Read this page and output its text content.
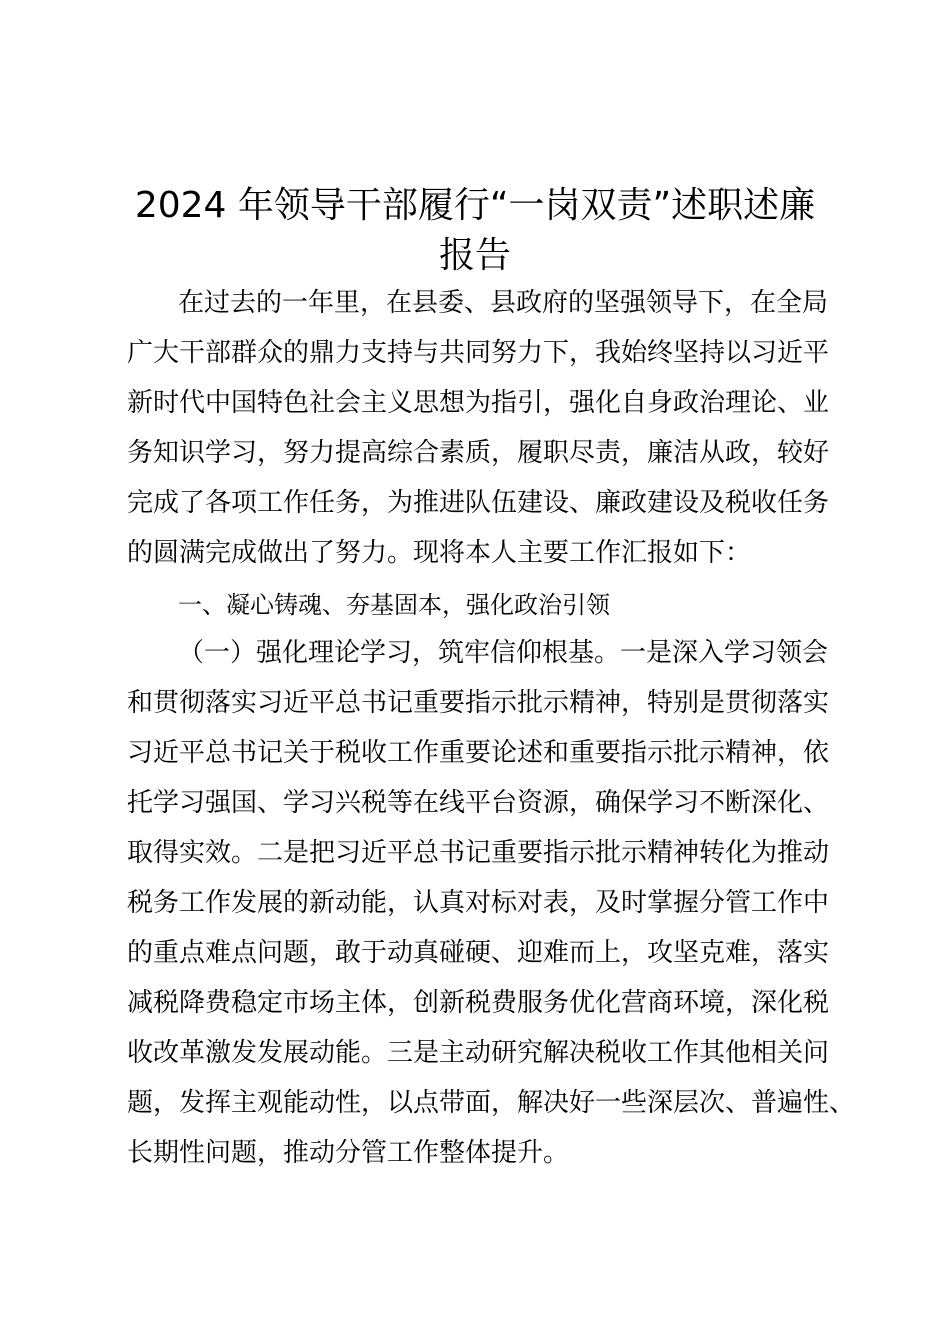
2024 年领导干部履行“一岗双责”述职述廉
报告

在过去的一年里，在县委、县政府的坚强领导下，在全局

广大干部群众的鼎力支持与共同努力下，我始终坚持以习近平

新时代中国特色社会主义思想为指引，强化自身政治理论、业

务知识学习，努力提高综合素质，履职尽责，廉洁从政，较好

完成了各项工作任务，为推进队伍建设、廉政建设及税收任务

的圆满完成做出了努力。现将本人主要工作汇报如下：

一、凝心铸魂、夯基固本，强化政治引领

（一）强化理论学习，筑牢信仰根基。一是深入学习领会

和贯彻落实习近平总书记重要指示批示精神，特别是贯彻落实

习近平总书记关于税收工作重要论述和重要指示批示精神，依

托学习强国、学习兴税等在线平台资源，确保学习不断深化、

取得实效。二是把习近平总书记重要指示批示精神转化为推动

税务工作发展的新动能，认真对标对表，及时掌握分管工作中

的重点难点问题，敢于动真碰硬、迎难而上，攻坚克难，落实

减税降费稳定市场主体，创新税费服务优化营商环境，深化税

收改革激发发展动能。三是主动研究解决税收工作其他相关问

题，发挥主观能动性，以点带面，解决好一些深层次、普遍性、

长期性问题，推动分管工作整体提升。
